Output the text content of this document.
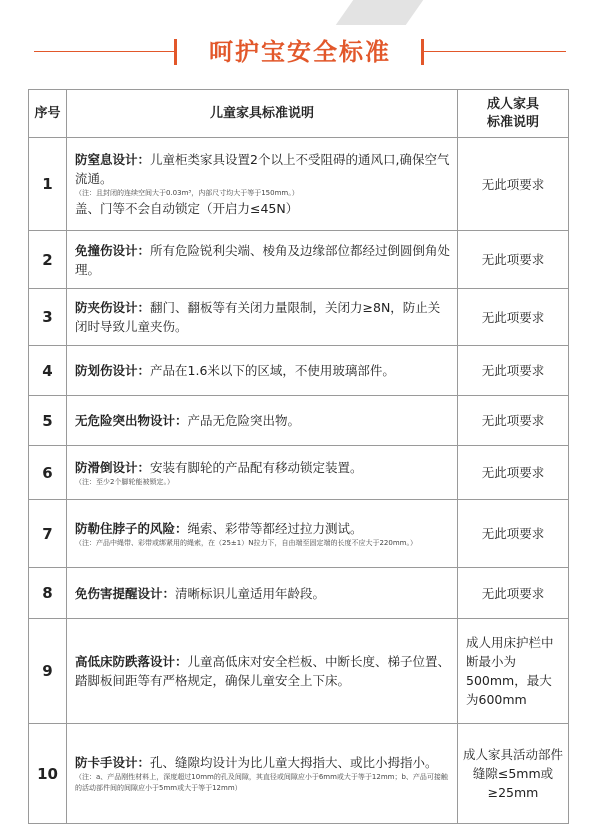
呵护宝安全标准
序号	儿童家具标准说明	成人家具标准说明

1	防窒息设计：儿童柜类家具设置2个以上不受阻碍的通风口,确保空气流通。
（注：且封闭的连续空间大于0.03m³，内部尺寸均大于等于150mm。）
盖、门等不会自动锁定（开启力≤45N）	无此项要求
2	免撞伤设计：所有危险锐利尖端、棱角及边缘部位都经过倒圆倒角处理。	无此项要求
3	防夹伤设计：翻门、翻板等有关闭力量限制，关闭力≥8N，防止关闭时导致儿童夹伤。	无此项要求
4	防划伤设计：产品在1.6米以下的区域，不使用玻璃部件。	无此项要求
5	无危险突出物设计：产品无危险突出物。	无此项要求
6	防滑倒设计：安装有脚轮的产品配有移动锁定装置。
（注：至少2个脚轮能被锁定。）	无此项要求
7	防勒住脖子的风险：绳索、彩带等都经过拉力测试。
（注：产品中绳带、彩带或绑紧用的绳索，在（25±1）N拉力下，自由端至固定端的长度不应大于220mm。）	无此项要求
8	免伤害提醒设计：清晰标识儿童适用年龄段。	无此项要求
9	高低床防跌落设计：儿童高低床对安全栏板、中断长度、梯子位置、踏脚板间距等有严格规定，确保儿童安全上下床。	成人用床护栏中断最小为500mm，最大为600mm
10	防卡手设计：孔、缝隙均设计为比儿童大拇指大、或比小拇指小。
（注：a、产品刚性材料上，深度超过10mm的孔及间隙，其直径或间隙应小于6mm或大于等于12mm；b、产品可接触的活动部件间的间隙应小于5mm或大于等于12mm）	成人家具活动部件缝隙≤5mm或≥25mm
